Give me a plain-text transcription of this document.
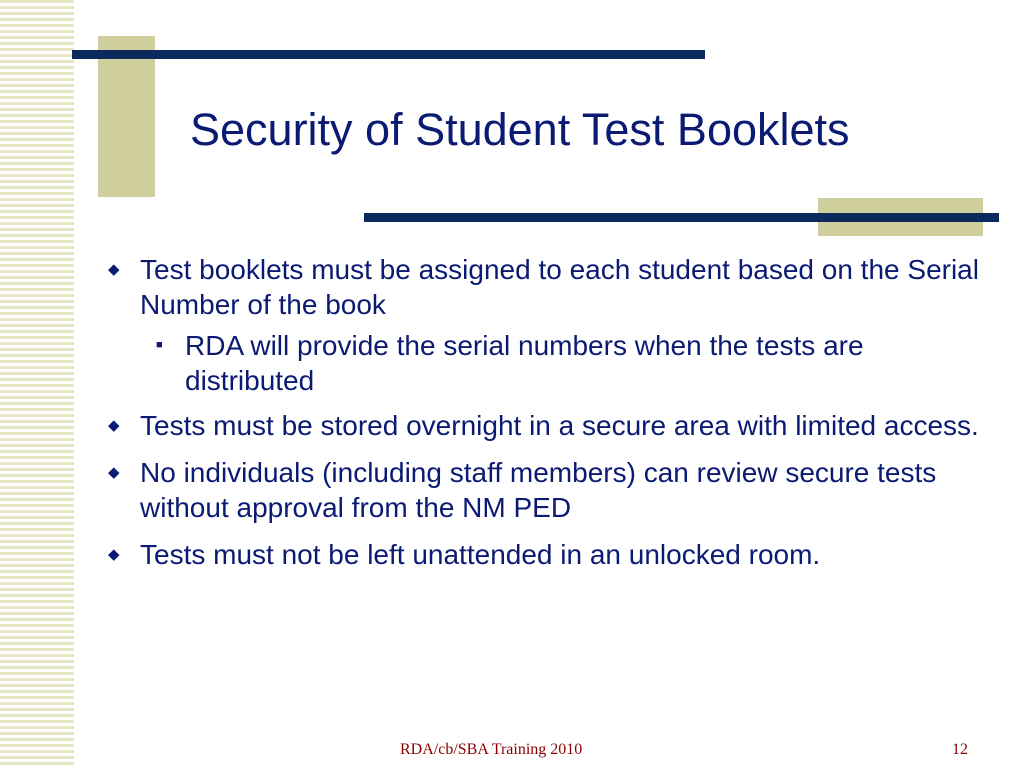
Security of Student Test Booklets
◆ Test booklets must be assigned to each student based on the Serial Number of the book
■ RDA will provide the serial numbers when the tests are distributed
◆ Tests must be stored overnight in a secure area with limited access.
◆ No individuals (including staff members) can review secure tests without approval from the NM PED
◆ Tests must not be left unattended in an unlocked room.
RDA/cb/SBA Training 2010	12
